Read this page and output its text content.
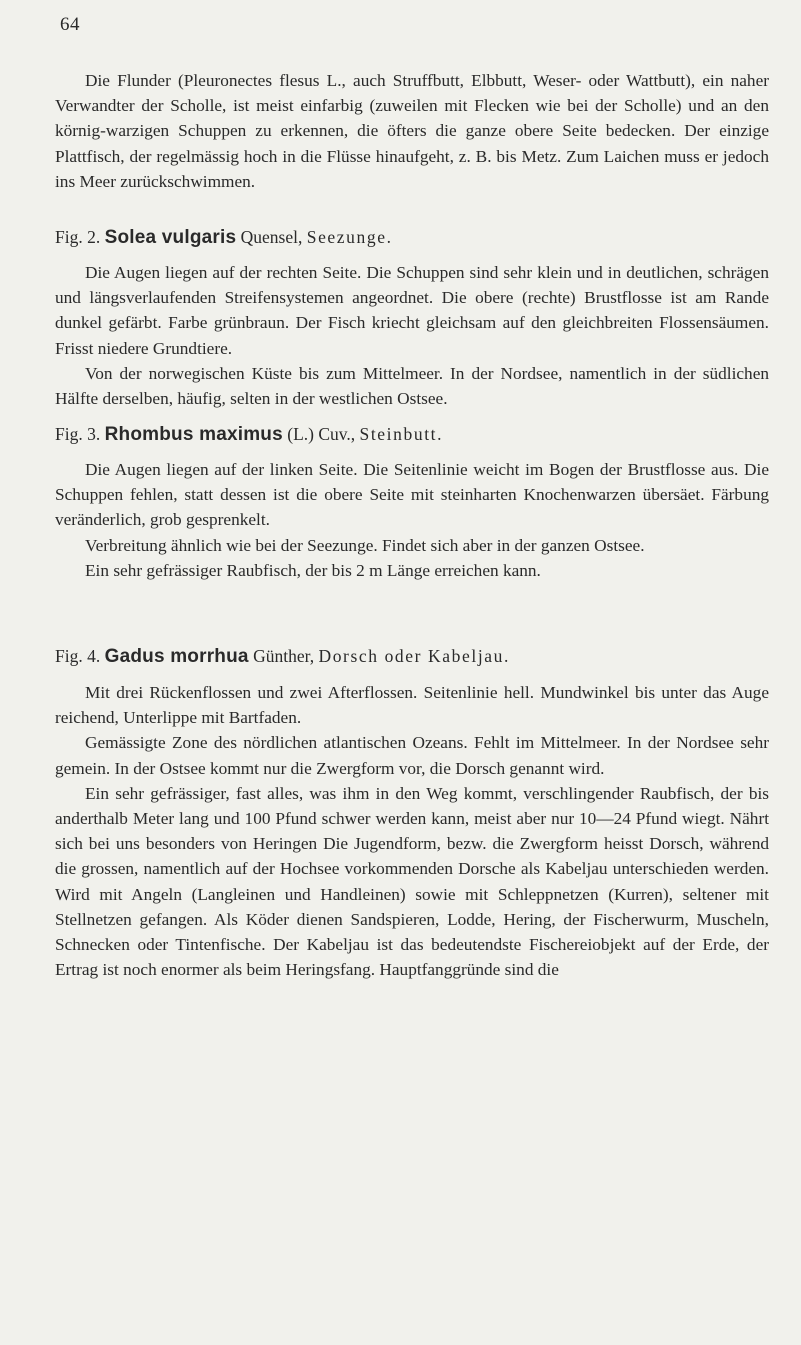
64

Die Flunder (Pleuronectes flesus L., auch Struffbutt, Elbbutt, Weser- oder Wattbutt), ein naher Verwandter der Scholle, ist meist einfarbig (zuweilen mit Flecken wie bei der Scholle) und an den körnig-warzigen Schuppen zu erkennen, die öfters die ganze obere Seite bedecken. Der einzige Plattfisch, der regelmässig hoch in die Flüsse hinaufgeht, z. B. bis Metz. Zum Laichen muss er jedoch ins Meer zurückschwimmen.

Fig. 2. Solea vulgaris Quensel, Seezunge.

Die Augen liegen auf der rechten Seite. Die Schuppen sind sehr klein und in deutlichen, schrägen und längsverlaufenden Streifensystemen angeordnet. Die obere (rechte) Brustflosse ist am Rande dunkel gefärbt. Farbe grünbraun. Der Fisch kriecht gleichsam auf den gleichbreiten Flossensäumen. Frisst niedere Grundtiere.

Von der norwegischen Küste bis zum Mittelmeer. In der Nordsee, namentlich in der südlichen Hälfte derselben, häufig, selten in der westlichen Ostsee.

Fig. 3. Rhombus maximus (L.) Cuv., Steinbutt.

Die Augen liegen auf der linken Seite. Die Seitenlinie weicht im Bogen der Brustflosse aus. Die Schuppen fehlen, statt dessen ist die obere Seite mit steinharten Knochenwarzen übersäet. Färbung veränderlich, grob gesprenkelt.

Verbreitung ähnlich wie bei der Seezunge. Findet sich aber in der ganzen Ostsee.

Ein sehr gefrässiger Raubfisch, der bis 2 m Länge erreichen kann.

Fig. 4. Gadus morrhua Günther, Dorsch oder Kabeljau.

Mit drei Rückenflossen und zwei Afterflossen. Seitenlinie hell. Mundwinkel bis unter das Auge reichend, Unterlippe mit Bartfaden.

Gemässigte Zone des nördlichen atlantischen Ozeans. Fehlt im Mittelmeer. In der Nordsee sehr gemein. In der Ostsee kommt nur die Zwergform vor, die Dorsch genannt wird.

Ein sehr gefrässiger, fast alles, was ihm in den Weg kommt, verschlingender Raubfisch, der bis anderthalb Meter lang und 100 Pfund schwer werden kann, meist aber nur 10—24 Pfund wiegt. Nährt sich bei uns besonders von Heringen Die Jugendform, bezw. die Zwergform heisst Dorsch, während die grossen, namentlich auf der Hochsee vorkommenden Dorsche als Kabeljau unterschieden werden. Wird mit Angeln (Langleinen und Handleinen) sowie mit Schleppnetzen (Kurren), seltener mit Stellnetzen gefangen. Als Köder dienen Sandspieren, Lodde, Hering, der Fischerwurm, Muscheln, Schnecken oder Tintenfische. Der Kabeljau ist das bedeutendste Fischereiobjekt auf der Erde, der Ertrag ist noch enormer als beim Heringsfang. Hauptfanggründe sind die
